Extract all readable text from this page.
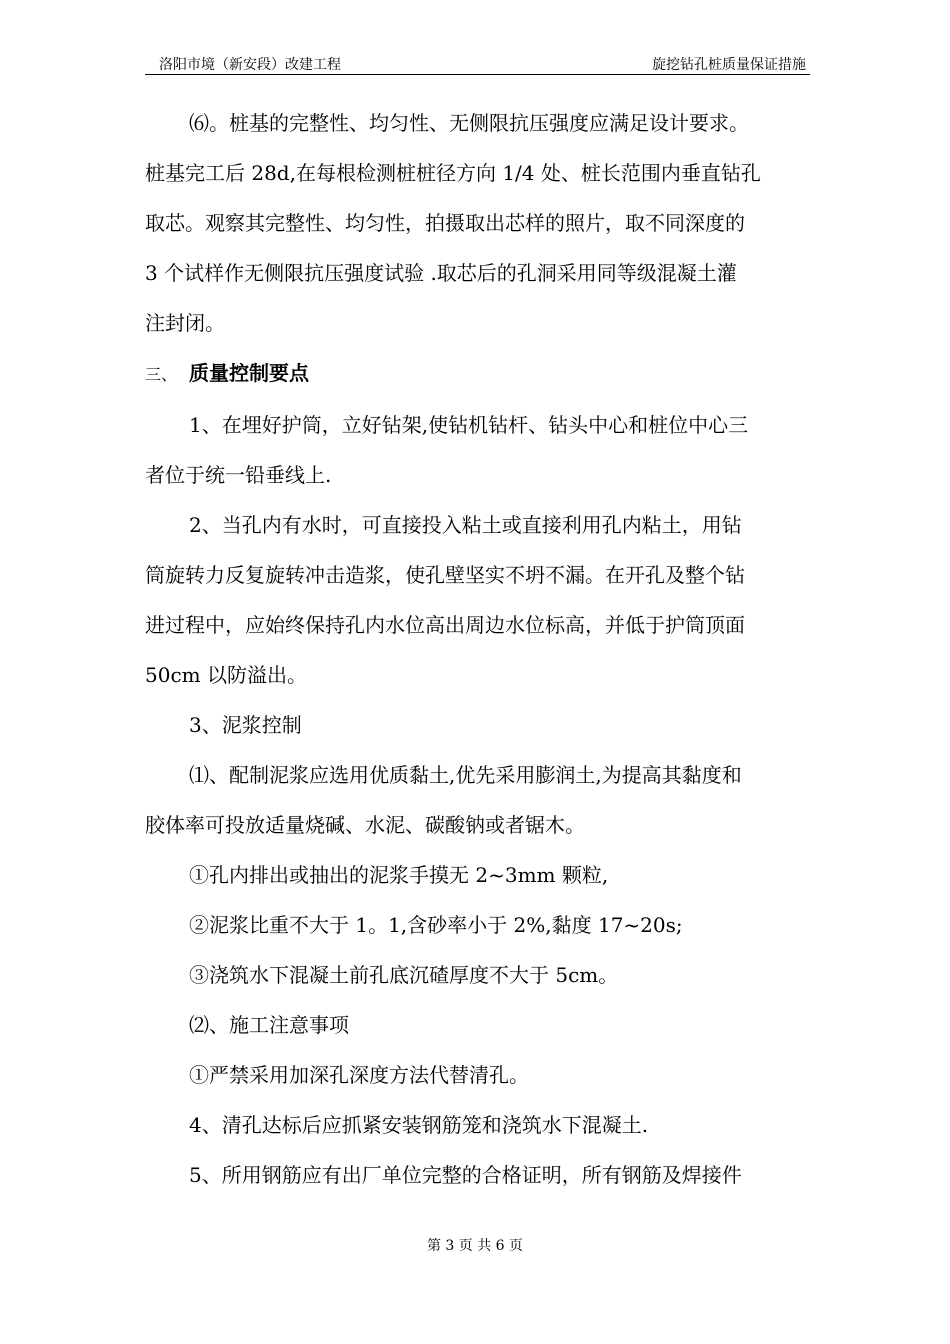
洛阳市境（新安段）改建工程	旋挖钻孔桩质量保证措施

⑹。桩基的完整性、均匀性、无侧限抗压强度应满足设计要求。

桩基完工后 28d,在每根检测桩桩径方向 1/4 处、桩长范围内垂直钻孔

取芯。观察其完整性、均匀性，拍摄取出芯样的照片，取不同深度的

3 个试样作无侧限抗压强度试验 .取芯后的孔洞采用同等级混凝土灌

注封闭。

三、 质量控制要点

1、在埋好护筒，立好钻架,使钻机钻杆、钻头中心和桩位中心三

者位于统一铅垂线上.

2、当孔内有水时，可直接投入粘土或直接利用孔内粘土，用钻

筒旋转力反复旋转冲击造浆，使孔壁坚实不坍不漏。在开孔及整个钻

进过程中，应始终保持孔内水位高出周边水位标高，并低于护筒顶面

50cm 以防溢出。

3、泥浆控制

⑴、配制泥浆应选用优质黏土,优先采用膨润土,为提高其黏度和

胶体率可投放适量烧碱、水泥、碳酸钠或者锯木。

①孔内排出或抽出的泥浆手摸无 2~3mm 颗粒,

②泥浆比重不大于 1。1,含砂率小于 2%,黏度 17~20s;

③浇筑水下混凝土前孔底沉碴厚度不大于 5cm。

⑵、施工注意事项

①严禁采用加深孔深度方法代替清孔。

4、清孔达标后应抓紧安装钢筋笼和浇筑水下混凝土.

5、所用钢筋应有出厂单位完整的合格证明，所有钢筋及焊接件

第 3 页 共 6 页
